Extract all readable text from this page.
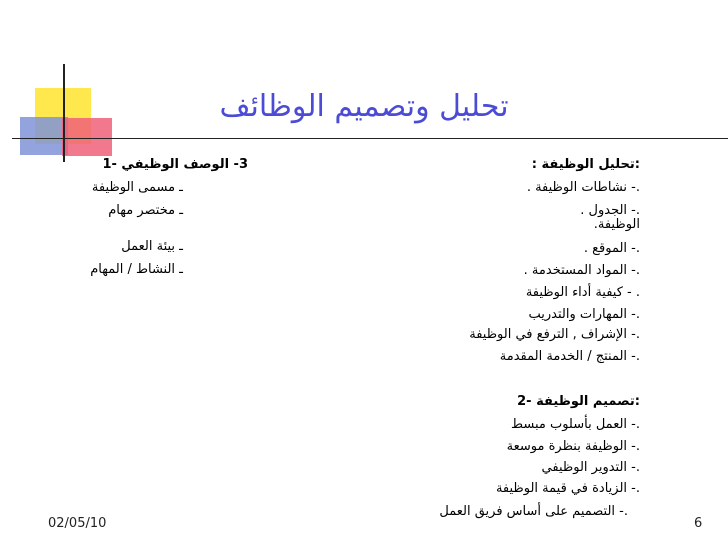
تحليل وتصميم الوظائف
:تحليل الوظيفة :
.- نشاطات الوظيفة .
.- الجدول .
الوظيفة.
.- الموقع .
.- المواد المستخدمة .
. - كيفية أداء الوظيفة
.- المهارات والتدريب
.- الإشراف , الترفع في الوظيفة
.- المنتج / الخدمة المقدمة
:تصميم الوظيفة -2
.- العمل بأسلوب مبسط
.- الوظيفة بنظرة موسعة
.- التدوير الوظيفي
.- الزيادة في قيمة الوظيفة
.- التصميم على أساس فريق العمل
3- الوصف الوظيفي -1
ـ مسمى الوظيفة
ـ مختصر مهام
ـ بيئة العمل
ـ النشاط / المهام
02/05/10	6
